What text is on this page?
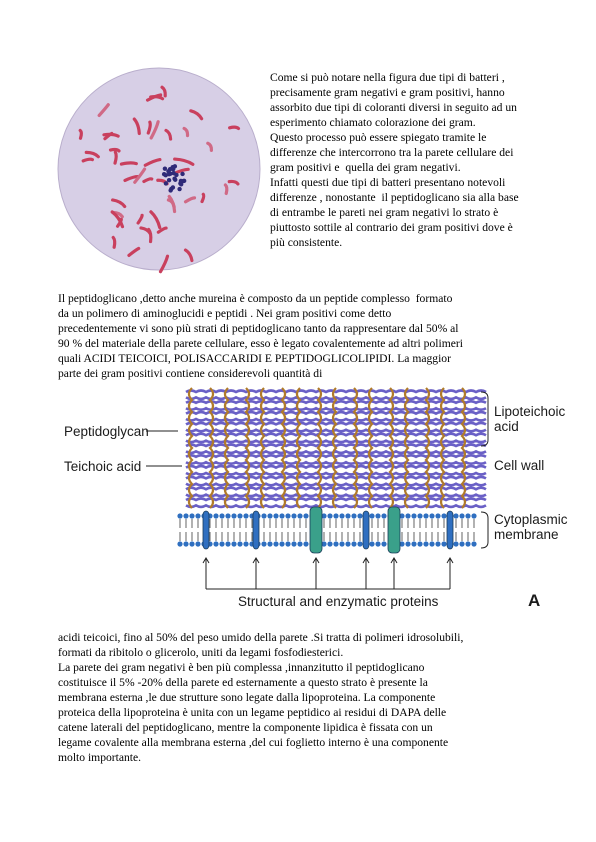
Come si può notare nella figura due tipi di batteri ,
precisamente gram negativi e gram positivi, hanno
assorbito due tipi di coloranti diversi in seguito ad un
esperimento chiamato colorazione dei gram.
Questo processo può essere spiegato tramite le
differenze che intercorrono tra la parete cellulare dei
gram positivi e  quella dei gram negativi.
Infatti questi due tipi di batteri presentano notevoli
differenze , nonostante  il peptidoglicano sia alla base
di entrambe le pareti nei gram negativi lo strato è
piuttosto sottile al contrario dei gram positivi dove è
più consistente.
Il peptidoglicano ,detto anche mureina è composto da un peptide complesso  formato
da un polimero di aminoglucidi e peptidi . Nei gram positivi come detto
precedentemente vi sono più strati di peptidoglicano tanto da rappresentare dal 50% al
90 % del materiale della parete cellulare, esso è legato covalentemente ad altri polimeri
quali ACIDI TEICOICI, POLISACCARIDI E PEPTIDOGLICOLIPIDI. La maggior
parte dei gram positivi contiene considerevoli quantità di
Peptidoglycan
Teichoic acid
Lipoteichoic
acid
Cell wall
Cytoplasmic
membrane
Structural and enzymatic proteins	A
acidi teicoici, fino al 50% del peso umido della parete .Si tratta di polimeri idrosolubili,
formati da ribitolo o glicerolo, uniti da legami fosfodiesterici.
La parete dei gram negativi è ben più complessa ,innanzitutto il peptidoglicano
costituisce il 5% -20% della parete ed esternamente a questo strato è presente la
membrana esterna ,le due strutture sono legate dalla lipoproteina. La componente
proteica della lipoproteina è unita con un legame peptidico ai residui di DAPA delle
catene laterali del peptidoglicano, mentre la componente lipidica è fissata con un
legame covalente alla membrana esterna ,del cui foglietto interno è una componente
molto importante.
